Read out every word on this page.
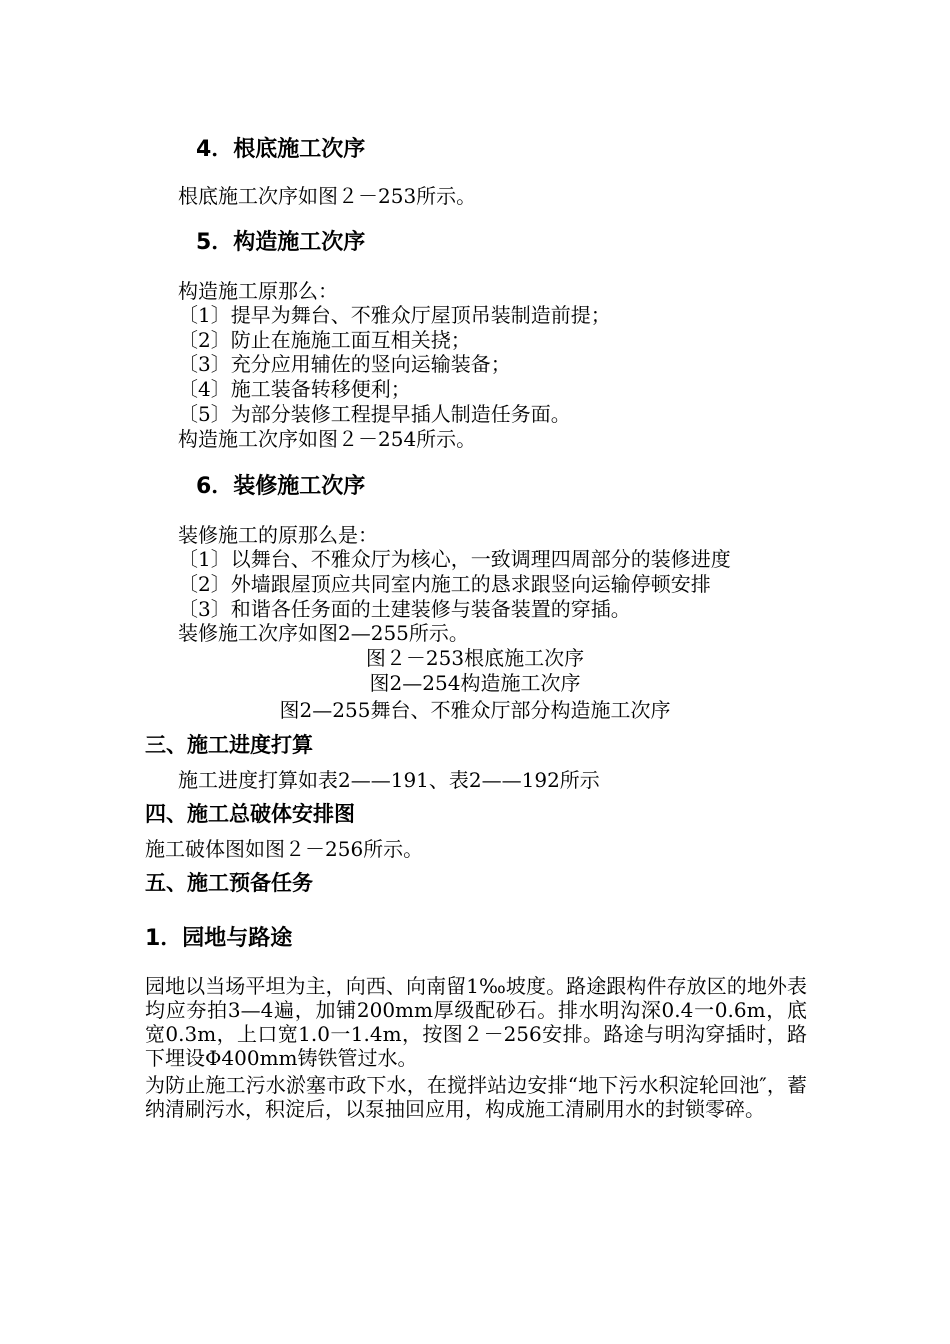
4．根底施工次序

根底施工次序如图２－253所示。

5．构造施工次序

构造施工原那么：

〔1〕提早为舞台、不雅众厅屋顶吊装制造前提；

〔2〕防止在施施工面互相关挠；

〔3〕充分应用辅佐的竖向运输装备；

〔4〕施工装备转移便利；

〔5〕为部分装修工程提早插人制造任务面。

构造施工次序如图２－254所示。

6．装修施工次序

装修施工的原那么是：

〔1〕以舞台、不雅众厅为核心，一致调理四周部分的装修进度

〔2〕外墙跟屋顶应共同室内施工的恳求跟竖向运输停顿安排

〔3〕和谐各任务面的土建装修与装备装置的穿插。

装修施工次序如图2—255所示。

图２－253根底施工次序

图2—254构造施工次序

图2—255舞台、不雅众厅部分构造施工次序

三、施工进度打算

施工进度打算如表2——191、表2——192所示

四、施工总破体安排图

施工破体图如图２－256所示。

五、施工预备任务
1．园地与路途

园地以当场平坦为主，向西、向南留1‰坡度。路途跟构件存放区的地外表均应夯拍3—4遍，加铺200mm厚级配砂石。排水明沟深0.4一0.6m，底宽0.3m，上口宽1.0一1.4m，按图２－256安排。路途与明沟穿插时，路下埋设Φ400mm铸铁管过水。

为防止施工污水淤塞市政下水，在搅拌站边安排“地下污水积淀轮回池″，蓄纳清刷污水，积淀后，以泵抽回应用，构成施工清刷用水的封锁零碎。
